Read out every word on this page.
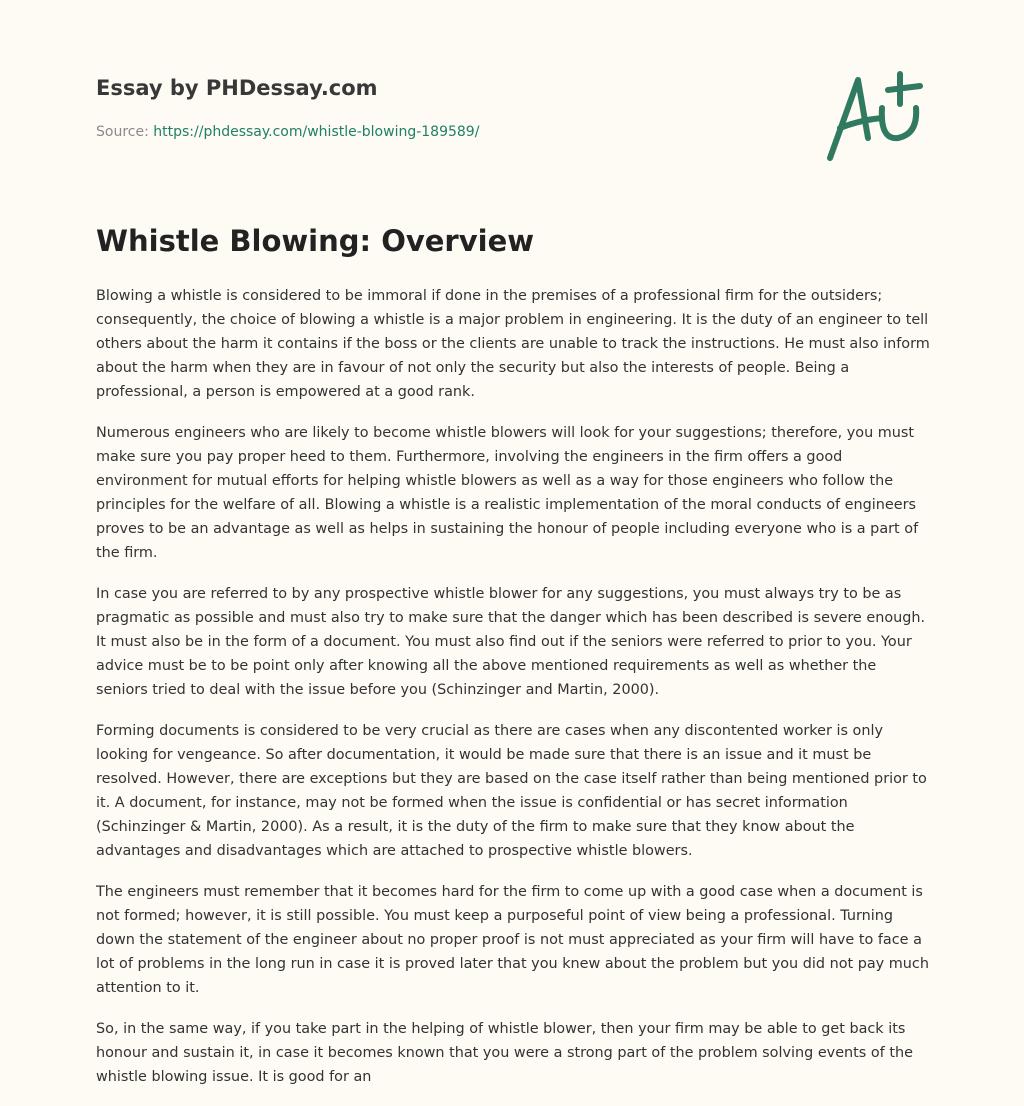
Essay by PHDessay.com
Source: https://phdessay.com/whistle-blowing-189589/
Whistle Blowing: Overview

Blowing a whistle is considered to be immoral if done in the premises of a professional firm for the outsiders; consequently, the choice of blowing a whistle is a major problem in engineering. It is the duty of an engineer to tell others about the harm it contains if the boss or the clients are unable to track the instructions. He must also inform about the harm when they are in favour of not only the security but also the interests of people. Being a professional, a person is empowered at a good rank.

Numerous engineers who are likely to become whistle blowers will look for your suggestions; therefore, you must make sure you pay proper heed to them. Furthermore, involving the engineers in the firm offers a good environment for mutual efforts for helping whistle blowers as well as a way for those engineers who follow the principles for the welfare of all. Blowing a whistle is a realistic implementation of the moral conducts of engineers proves to be an advantage as well as helps in sustaining the honour of people including everyone who is a part of the firm.

In case you are referred to by any prospective whistle blower for any suggestions, you must always try to be as pragmatic as possible and must also try to make sure that the danger which has been described is severe enough. It must also be in the form of a document. You must also find out if the seniors were referred to prior to you. Your advice must be to be point only after knowing all the above mentioned requirements as well as whether the seniors tried to deal with the issue before you (Schinzinger and Martin, 2000).

Forming documents is considered to be very crucial as there are cases when any discontented worker is only looking for vengeance. So after documentation, it would be made sure that there is an issue and it must be resolved. However, there are exceptions but they are based on the case itself rather than being mentioned prior to it. A document, for instance, may not be formed when the issue is confidential or has secret information (Schinzinger & Martin, 2000). As a result, it is the duty of the firm to make sure that they know about the advantages and disadvantages which are attached to prospective whistle blowers.

The engineers must remember that it becomes hard for the firm to come up with a good case when a document is not formed; however, it is still possible. You must keep a purposeful point of view being a professional. Turning down the statement of the engineer about no proper proof is not must appreciated as your firm will have to face a lot of problems in the long run in case it is proved later that you knew about the problem but you did not pay much attention to it.

So, in the same way, if you take part in the helping of whistle blower, then your firm may be able to get back its honour and sustain it, in case it becomes known that you were a strong part of the problem solving events of the whistle blowing issue. It is good for an
